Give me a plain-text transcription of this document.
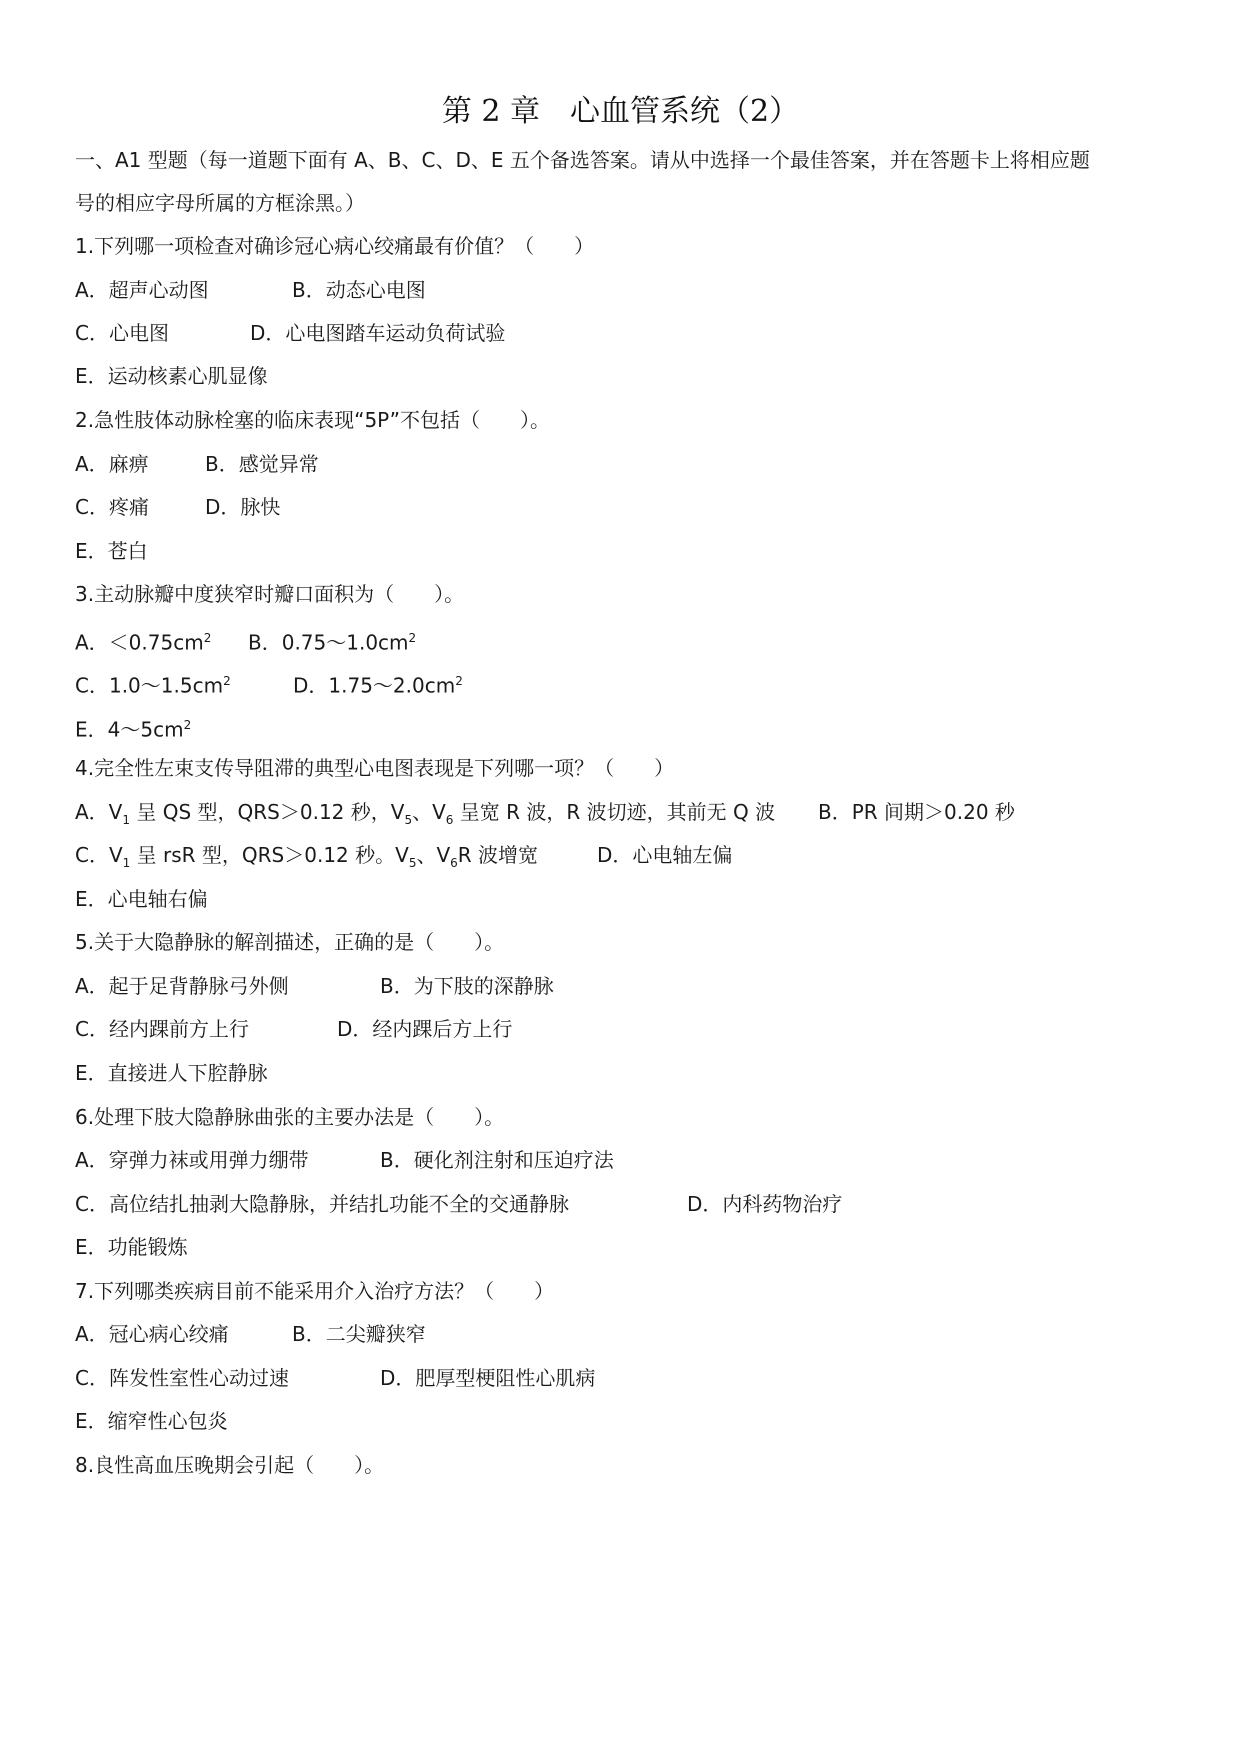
第 2 章　心血管系统（2）
一、A1 型题（每一道题下面有 A、B、C、D、E 五个备选答案。请从中选择一个最佳答案，并在答题卡上将相应题
号的相应字母所属的方框涂黑。）
1.下列哪一项检查对确诊冠心病心绞痛最有价值？（　　）
A．超声心动图	B．动态心电图
C．心电图	D．心电图踏车运动负荷试验
E．运动核素心肌显像
2.急性肢体动脉栓塞的临床表现“5P”不包括（　　）。
A．麻痹	B．感觉异常
C．疼痛	D．脉快
E．苍白
3.主动脉瓣中度狭窄时瓣口面积为（　　）。
A．$<0.75cm^2$ B．$0.75\sim 1.0cm^2$
C．$1.0\sim 1.5cm^2$	D．$1.75\sim 2.0cm^2$
E．$4\sim 5cm^2$
4.完全性左束支传导阻滞的典型心电图表现是下列哪一项？（　　）
A．$V_1$ 呈 QS 型，QRS＞0.12 秒，$V_5$、$V_6$ 呈宽 R 波，R 波切迹，其前无 Q 波 B．PR 间期＞0.20 秒
C．$V_1$ 呈 rsR 型，QRS＞0.12 秒。$V_5$、$V_6R$ 波增宽	D．心电轴左偏
E．心电轴右偏
5.关于大隐静脉的解剖描述，正确的是（　　）。
A．起于足背静脉弓外侧	B．为下肢的深静脉
C．经内踝前方上行	D．经内踝后方上行
E．直接进人下腔静脉
6.处理下肢大隐静脉曲张的主要办法是（　　）。
A．穿弹力袜或用弹力绷带	B．硬化剂注射和压迫疗法
C．高位结扎抽剥大隐静脉，并结扎功能不全的交通静脉	D．内科药物治疗
E．功能锻炼
7.下列哪类疾病目前不能采用介入治疗方法？（　　）
A．冠心病心绞痛	B．二尖瓣狭窄
C．阵发性室性心动过速	D．肥厚型梗阻性心肌病
E．缩窄性心包炎
8.良性高血压晚期会引起（　　）。
